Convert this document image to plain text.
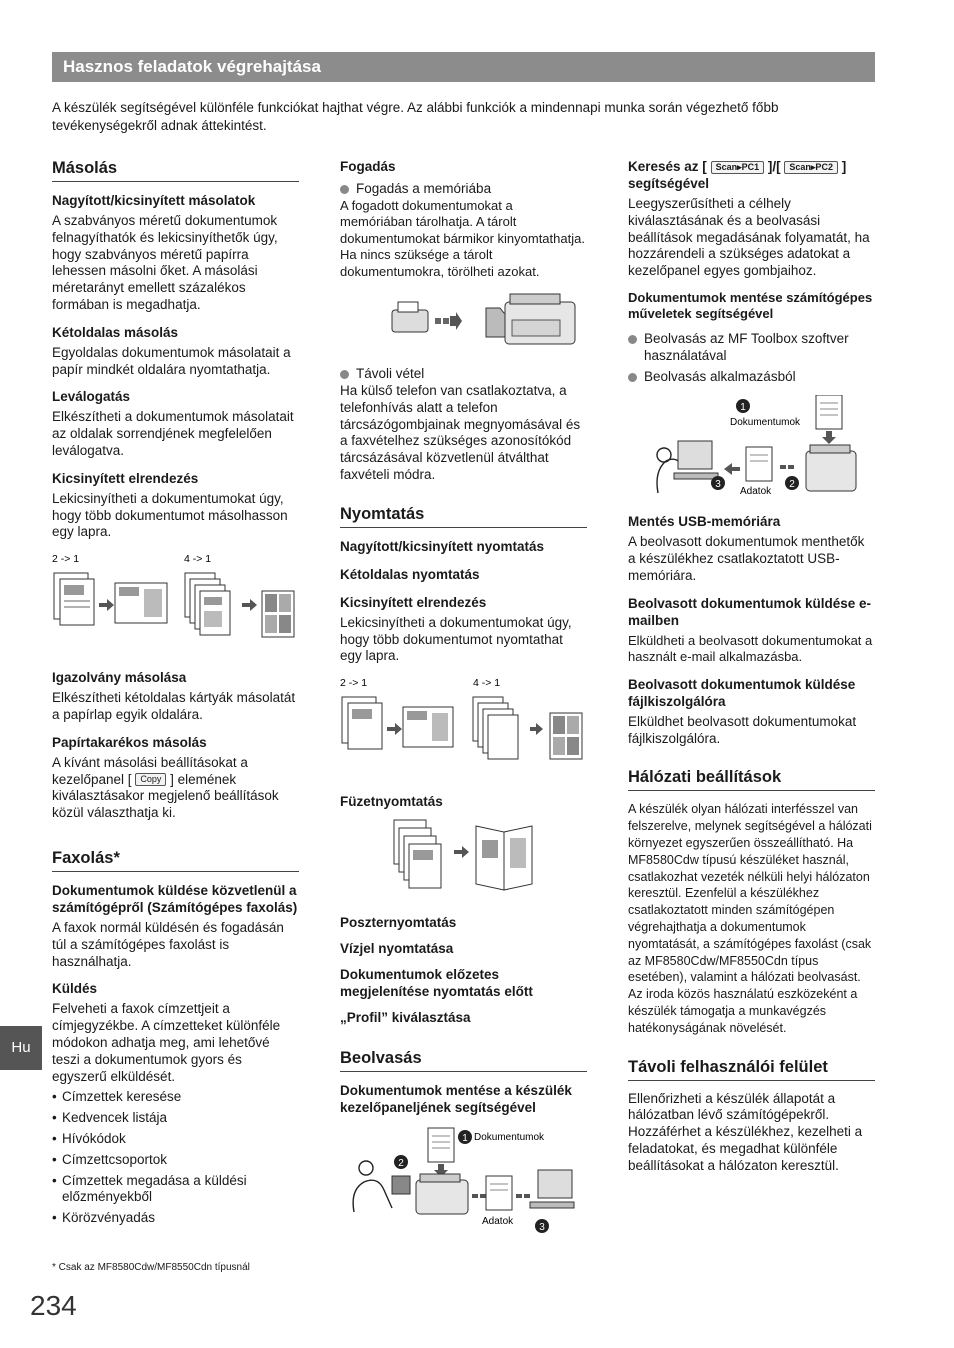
Hasznos feladatok végrehajtása
A készülék segítségével különféle funkciókat hajthat végre. Az alábbi funkciók a mindennapi munka során végezhető főbb tevékenységekről adnak áttekintést.
Másolás
Nagyított/kicsinyített másolatok

A szabványos méretű dokumentumok felnagyíthatók és lekicsinyíthetők úgy, hogy szabványos méretű papírra lehessen másolni őket. A másolási méretarányt emellett százalékos formában is megadhatja.

Kétoldalas másolás

Egyoldalas dokumentumok másolatait a papír mindkét oldalára nyomtathatja.

Leválogatás

Elkészítheti a dokumentumok másolatait az oldalak sorrendjének megfelelően leválogatva.

Kicsinyített elrendezés

Lekicsinyítheti a dokumentumokat úgy, hogy több dokumentumot másolhasson egy lapra.

2 -> 1	4 -> 1
Igazolvány másolása

Elkészítheti kétoldalas kártyák másolatát a papírlap egyik oldalára.

Papírtakarékos másolás

A kívánt másolási beállításokat a kezelőpanel [ Copy ] elemének kiválasztásakor megjelenő beállítások közül választhatja ki.

Faxolás*
Dokumentumok küldése közvetlenül a számítógépről (Számítógépes faxolás)

A faxok normál küldésén és fogadásán túl a számítógépes faxolást is használhatja.

Küldés

Felveheti a faxok címzettjeit a címjegyzékbe. A címzetteket különféle módokon adhatja meg, ami lehetővé teszi a dokumentumok gyors és egyszerű elküldését.

• Címzettek keresése
• Kedvencek listája
• Hívókódok
• Címzettcsoportok
• Címzettek megadása a küldési előzményekből
• Körözvényadás
Fogadás
Fogadás a memóriába

A fogadott dokumentumokat a memóriában tárolhatja. A tárolt dokumentumokat bármikor kinyomtathatja. Ha nincs szüksége a tárolt dokumentumokra, törölheti azokat.

Távoli vétel

Ha külső telefon van csatlakoztatva, a telefonhívás alatt a telefon tárcsázógombjainak megnyomásával és a faxvételhez szükséges azonosítókód tárcsázásával közvetlenül átválthat faxvételi módra.

Nyomtatás
Nagyított/kicsinyített nyomtatás
Kétoldalas nyomtatás
Kicsinyített elrendezés

Lekicsinyítheti a dokumentumokat úgy, hogy több dokumentumot nyomtathat egy lapra.

2 -> 1	4 -> 1
Füzetnyomtatás
Poszternyomtatás
Vízjel nyomtatása
Dokumentumok előzetes megjelenítése nyomtatás előtt
„Profil” kiválasztása
Beolvasás
Dokumentumok mentése a készülék kezelőpaneljének segítségével
1 Dokumentumok
2
Adatok
3
Keresés az [ Scan▸PC1 ]/[ Scan▸PC2 ] segítségével

Leegyszerűsítheti a célhely kiválasztásának és a beolvasási beállítások megadásának folyamatát, ha hozzárendeli a szükséges adatokat a kezelőpanel egyes gombjaihoz.

Dokumentumok mentése számítógépes műveletek segítségével
Beolvasás az MF Toolbox szoftver használatával
Beolvasás alkalmazásból
1
Dokumentumok
3
Adatok
2
Mentés USB-memóriára

A beolvasott dokumentumok menthetők a készülékhez csatlakoztatott USB-memóriára.

Beolvasott dokumentumok küldése e-mailben

Elküldheti a beolvasott dokumentumokat a használt e-mail alkalmazásba.

Beolvasott dokumentumok küldése fájlkiszolgálóra

Elküldhet beolvasott dokumentumokat fájlkiszolgálóra.

Hálózati beállítások

A készülék olyan hálózati interfésszel van felszerelve, melynek segítségével a hálózati környezet egyszerűen összeállítható. Ha MF8580Cdw típusú készüléket használ, csatlakozhat vezeték nélküli helyi hálózaton keresztül. Ezenfelül a készülékhez csatlakoztatott minden számítógépen végrehajthatja a dokumentumok nyomtatását, a számítógépes faxolást (csak az MF8580Cdw/MF8550Cdn típus esetében), valamint a hálózati beolvasást. Az iroda közös használatú eszközeként a készülék támogatja a munkavégzés hatékonyságának növelését.

Távoli felhasználói felület

Ellenőrizheti a készülék állapotát a hálózatban lévő számítógépekről. Hozzáférhet a készülékhez, kezelheti a feladatokat, és megadhat különféle beállításokat a hálózaton keresztül.

Hu
* Csak az MF8580Cdw/MF8550Cdn típusnál
234
